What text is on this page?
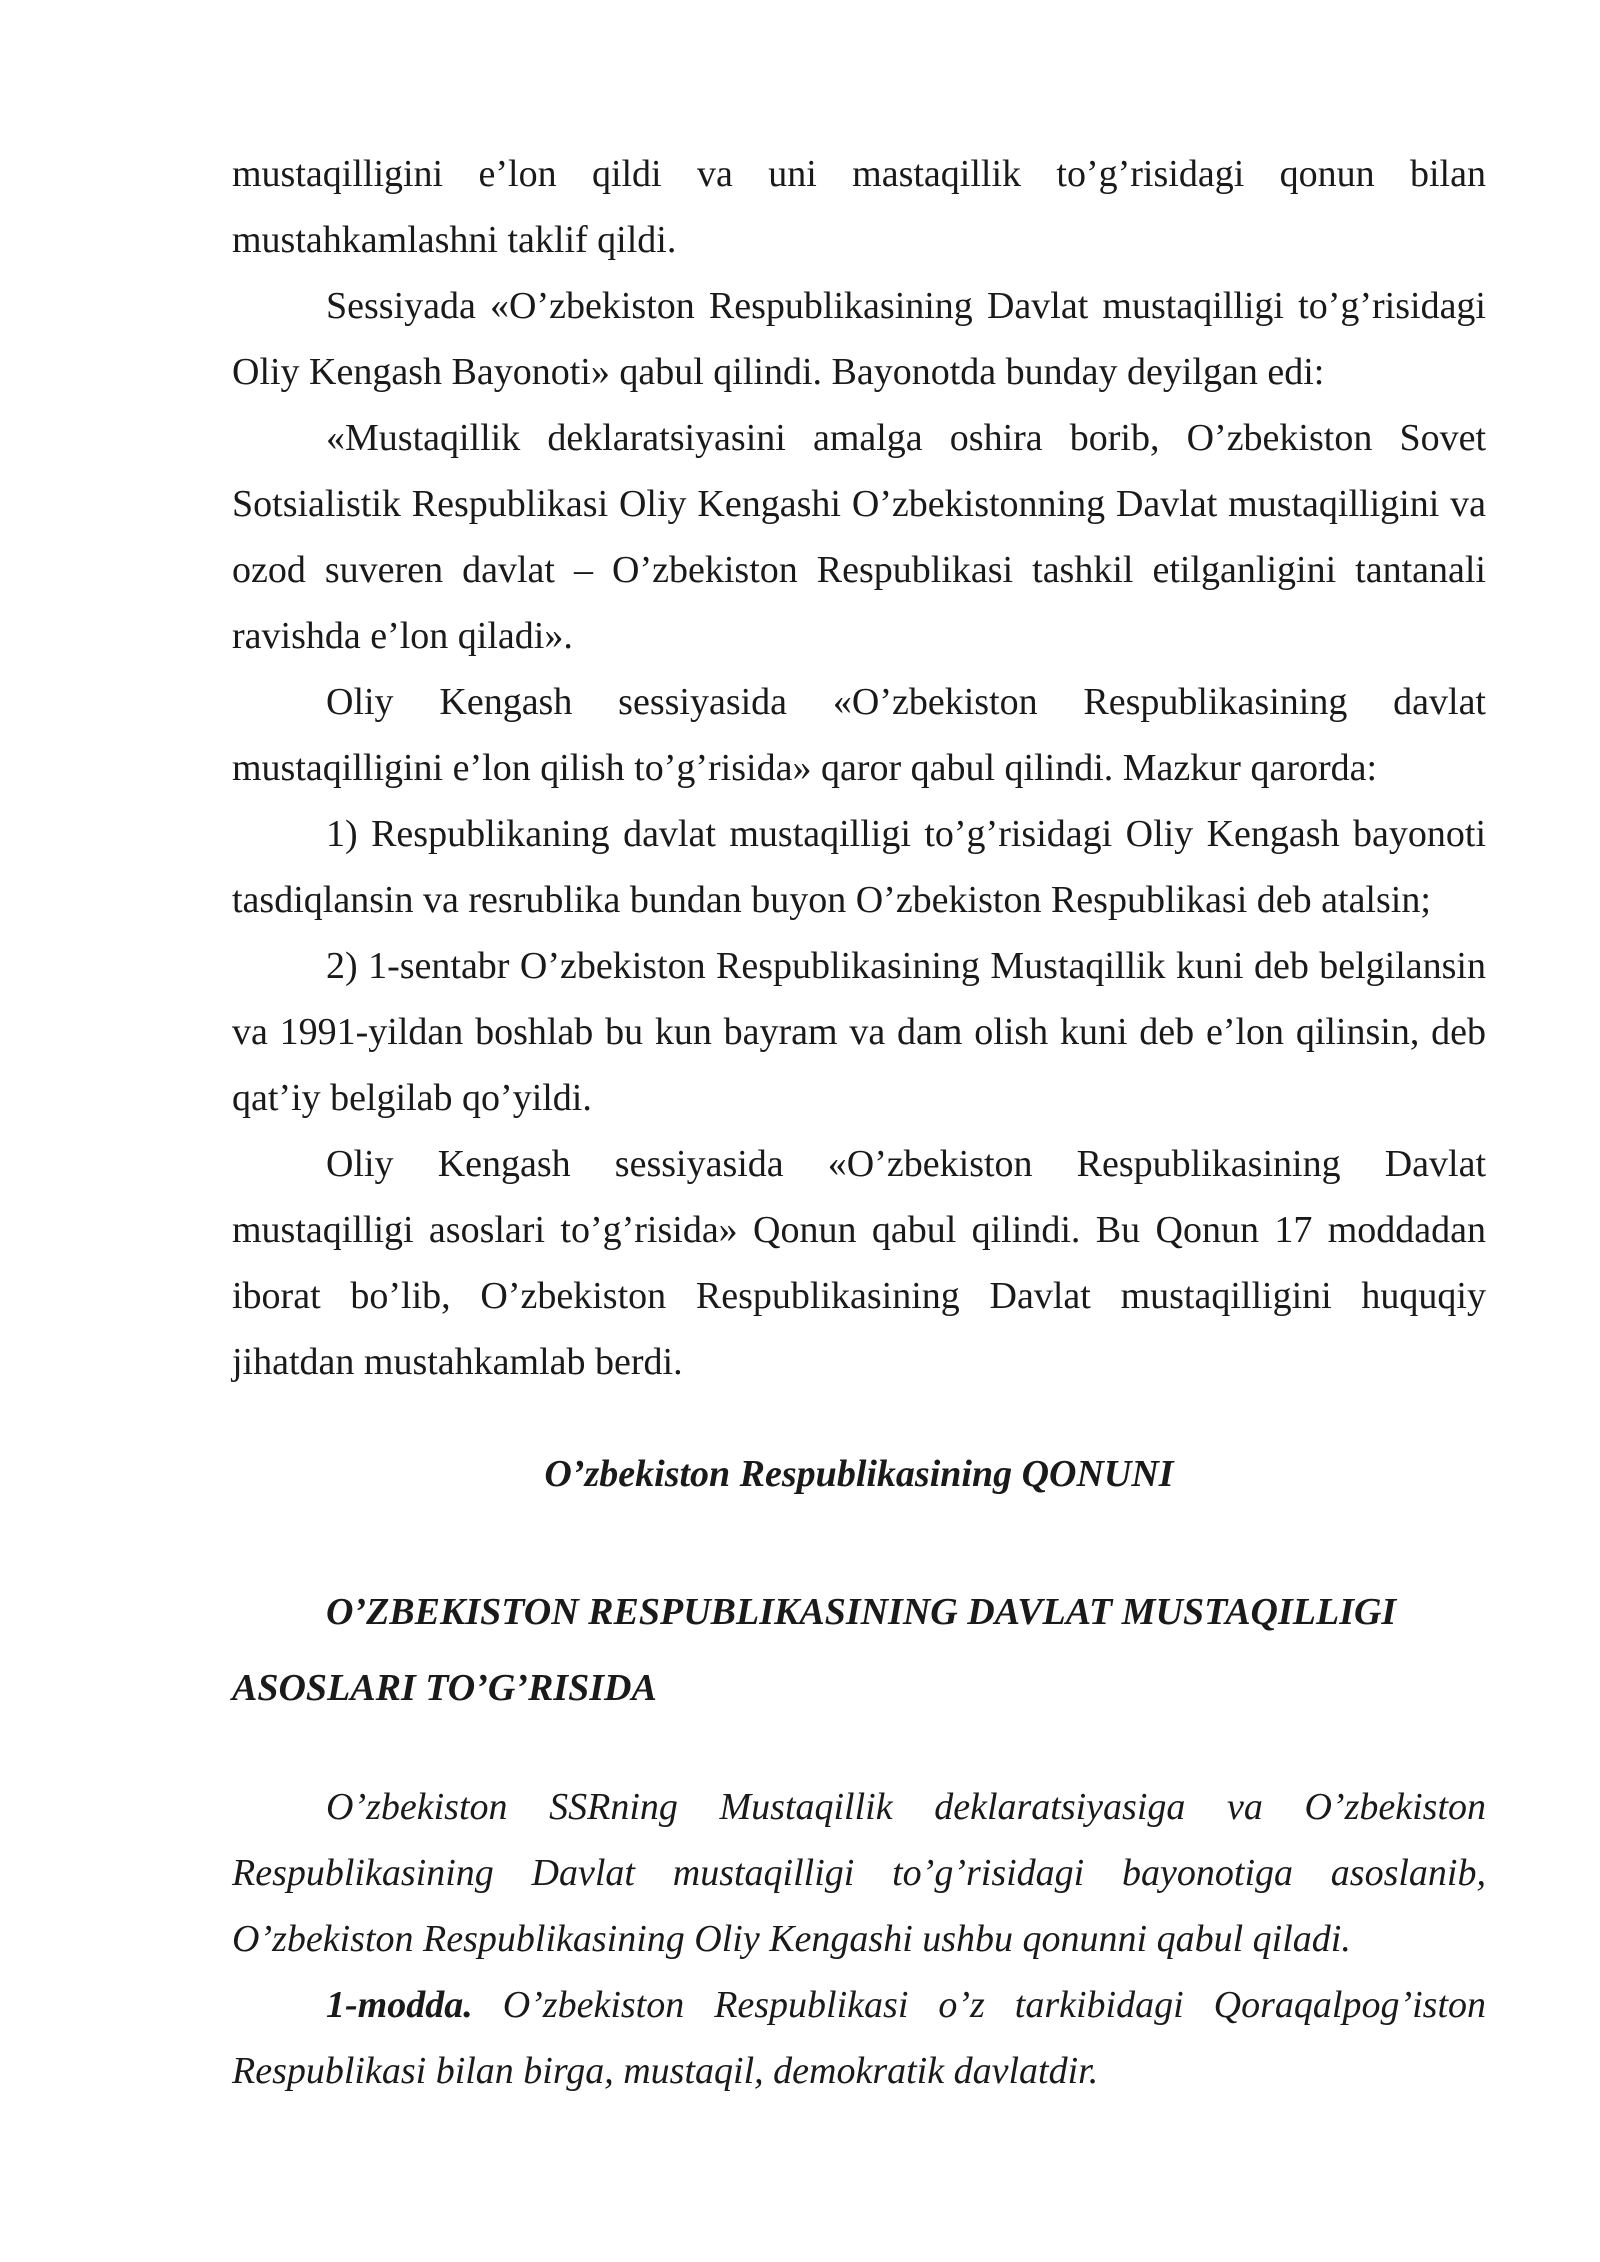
mustaqilligini e’lon qildi va uni mastaqillik to’g’risidagi qonun bilan mustahkamlashni taklif qildi.

Sessiyada «O’zbekiston Respublikasining Davlat mustaqilligi to’g’risidagi Oliy Kengash Bayonoti» qabul qilindi. Bayonotda bunday deyilgan edi:

«Mustaqillik deklaratsiyasini amalga oshira borib, O’zbekiston Sovet Sotsialistik Respublikasi Oliy Kengashi O’zbekistonning Davlat mustaqilligini va ozod suveren davlat – O’zbekiston Respublikasi tashkil etilganligini tantanali ravishda e’lon qiladi».

Oliy Kengash sessiyasida «O’zbekiston Respublikasining davlat mustaqilligini e’lon qilish to’g’risida» qaror qabul qilindi. Mazkur qarorda:

1) Respublikaning davlat mustaqilligi to’g’risidagi Oliy Kengash bayonoti tasdiqlansin va resrublika bundan buyon O’zbekiston Respublikasi deb atalsin;

2) 1-sentabr O’zbekiston Respublikasining Mustaqillik kuni deb belgilansin va 1991-yildan boshlab bu kun bayram va dam olish kuni deb e’lon qilinsin, deb qat’iy belgilab qo’yildi.

Oliy Kengash sessiyasida «O’zbekiston Respublikasining Davlat mustaqilligi asoslari to’g’risida» Qonun qabul qilindi. Bu Qonun 17 moddadan iborat bo’lib, O’zbekiston Respublikasining Davlat mustaqilligini huquqiy jihatdan mustahkamlab berdi.

O’zbekiston Respublikasining QONUNI

O’ZBEKISTON RESPUBLIKASINING DAVLAT MUSTAQILLIGI ASOSLARI TO’G’RISIDA

O’zbekiston SSRning Mustaqillik deklaratsiyasiga va O’zbekiston Respublikasining Davlat mustaqilligi to’g’risidagi bayonotiga asoslanib, O’zbekiston Respublikasining Oliy Kengashi ushbu qonunni qabul qiladi.

1-modda. O’zbekiston Respublikasi o’z tarkibidagi Qoraqalpog’iston Respublikasi bilan birga, mustaqil, demokratik davlatdir.
